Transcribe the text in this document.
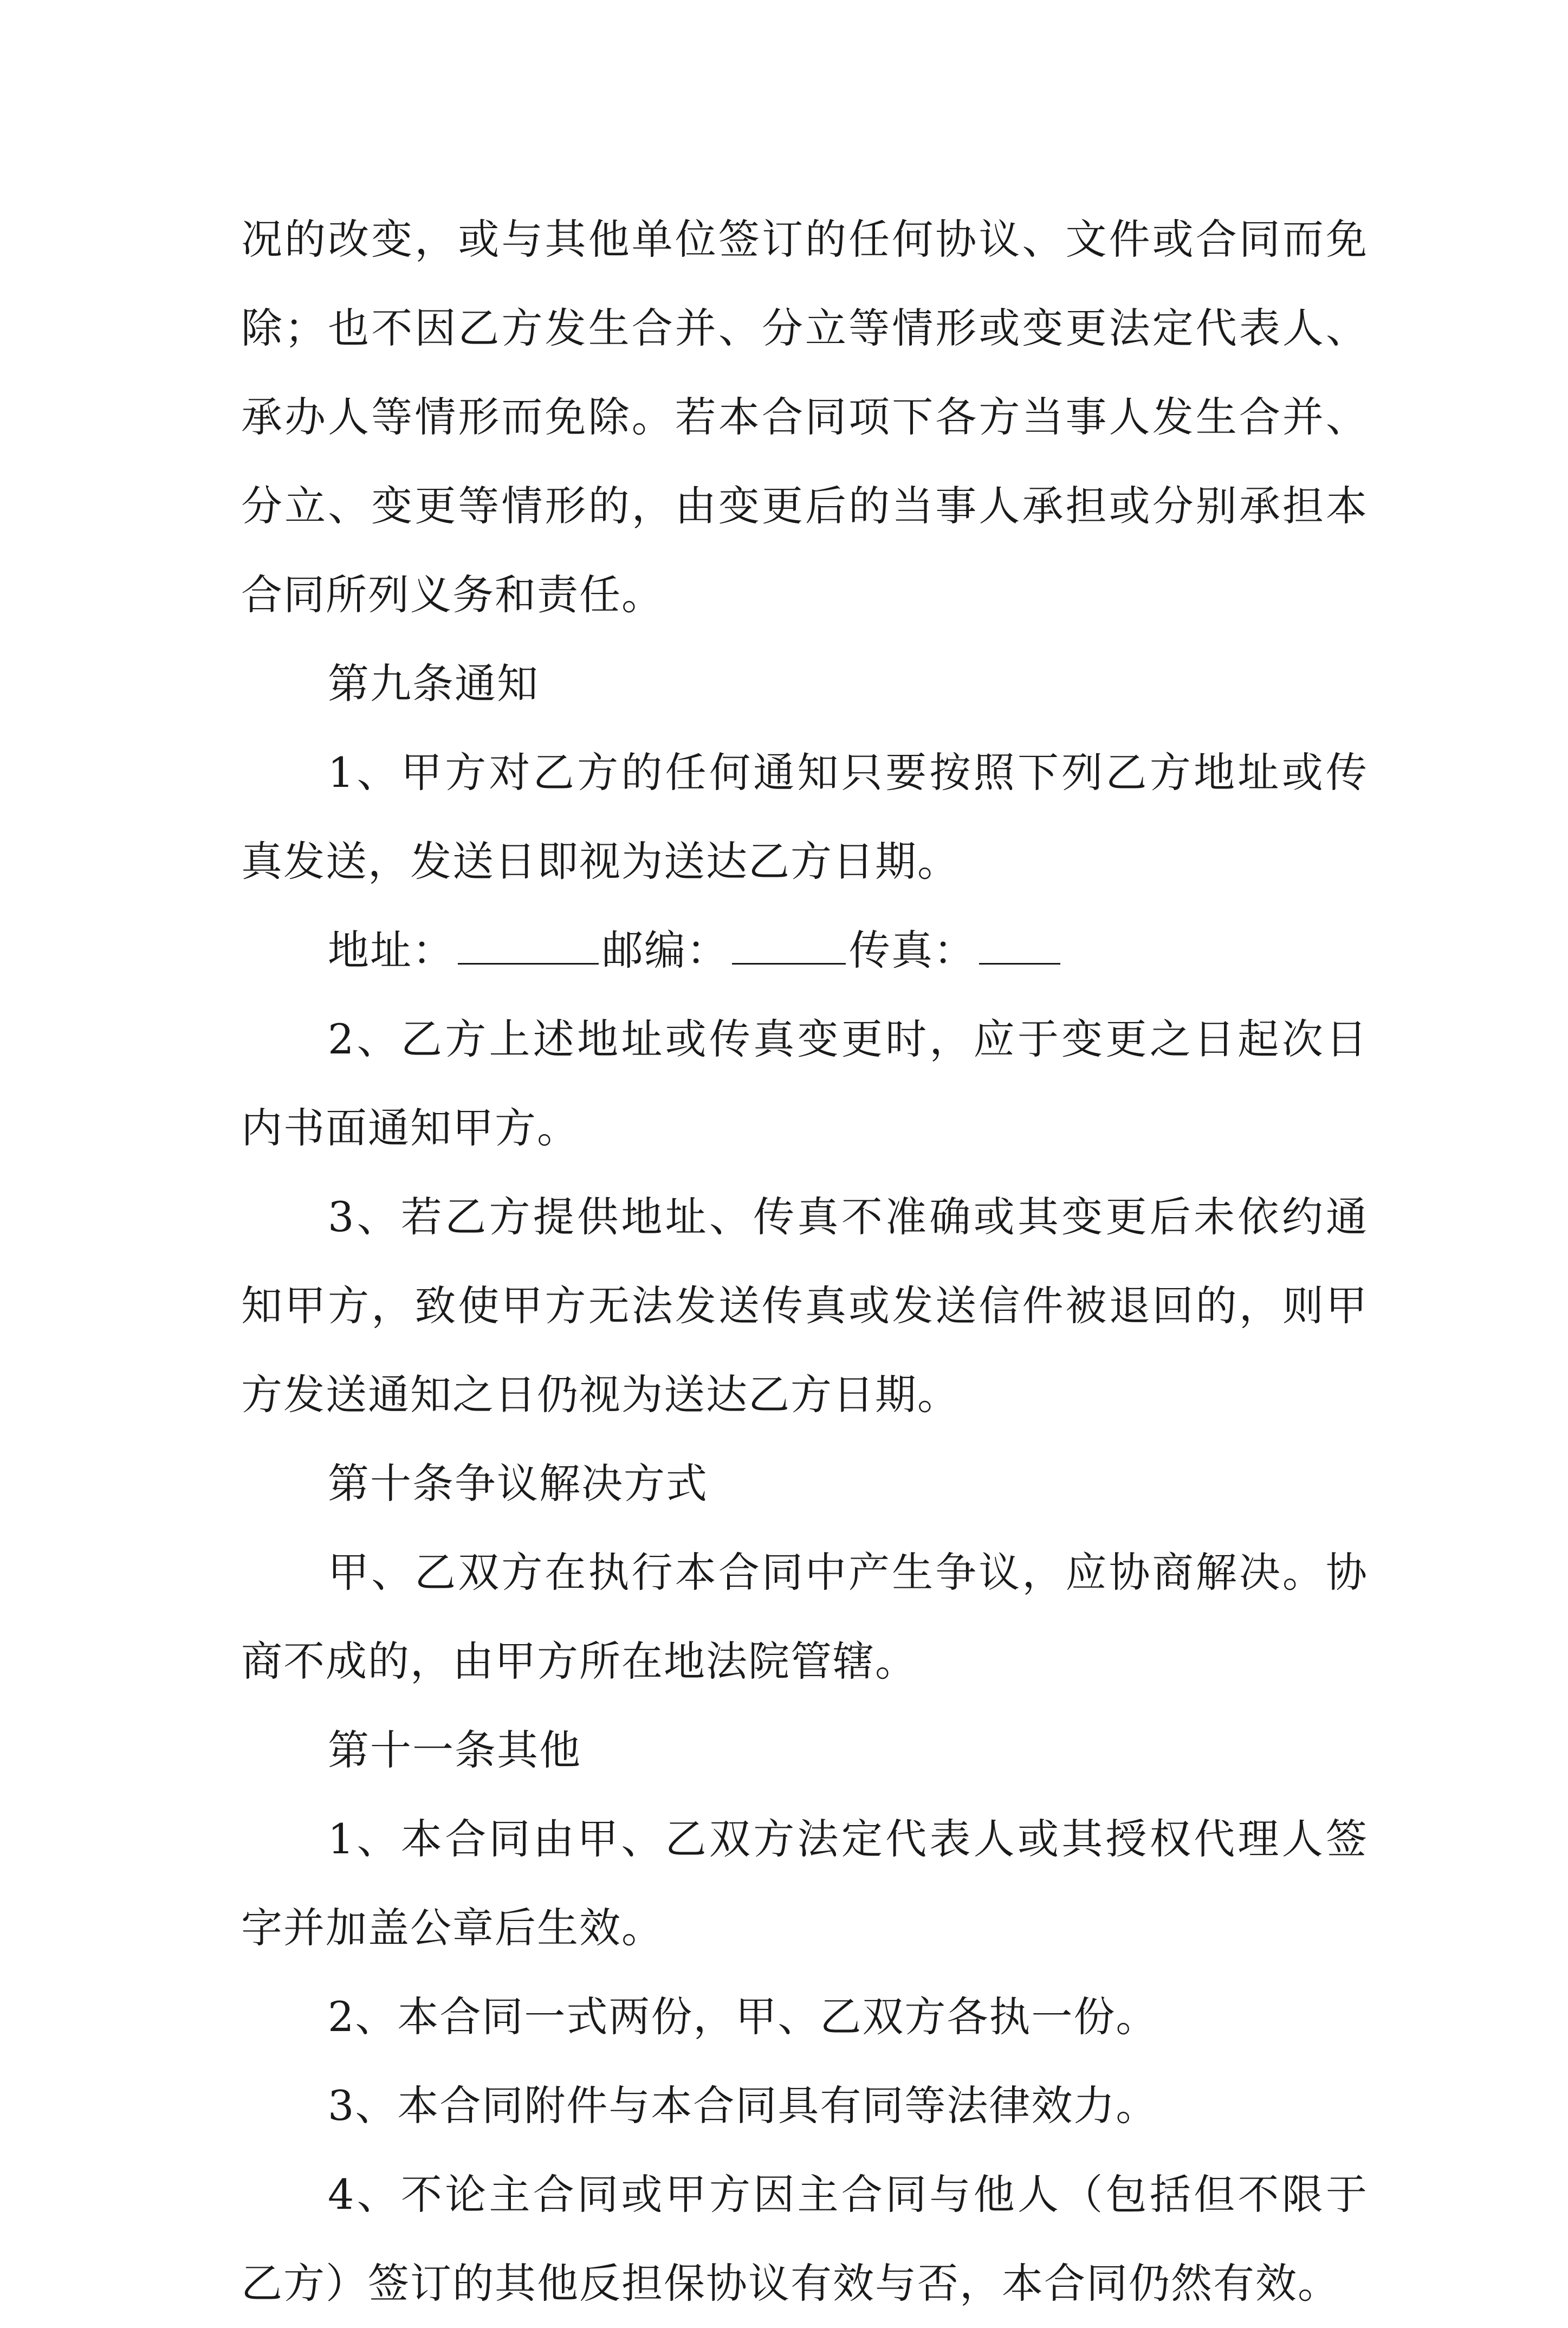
况的改变，或与其他单位签订的任何协议、文件或合同而免除；也不因乙方发生合并、分立等情形或变更法定代表人、承办人等情形而免除。若本合同项下各方当事人发生合并、分立、变更等情形的，由变更后的当事人承担或分别承担本合同所列义务和责任。

第九条通知

1、甲方对乙方的任何通知只要按照下列乙方地址或传真发送，发送日即视为送达乙方日期。

地址：	邮编：	传真：

2、乙方上述地址或传真变更时，应于变更之日起次日内书面通知甲方。

3、若乙方提供地址、传真不准确或其变更后未依约通知甲方，致使甲方无法发送传真或发送信件被退回的，则甲方发送通知之日仍视为送达乙方日期。

第十条争议解决方式

甲、乙双方在执行本合同中产生争议，应协商解决。协商不成的，由甲方所在地法院管辖。

第十一条其他

1、本合同由甲、乙双方法定代表人或其授权代理人签字并加盖公章后生效。

2、本合同一式两份，甲、乙双方各执一份。

3、本合同附件与本合同具有同等法律效力。

4、不论主合同或甲方因主合同与他人（包括但不限于乙方）签订的其他反担保协议有效与否，本合同仍然有效。
